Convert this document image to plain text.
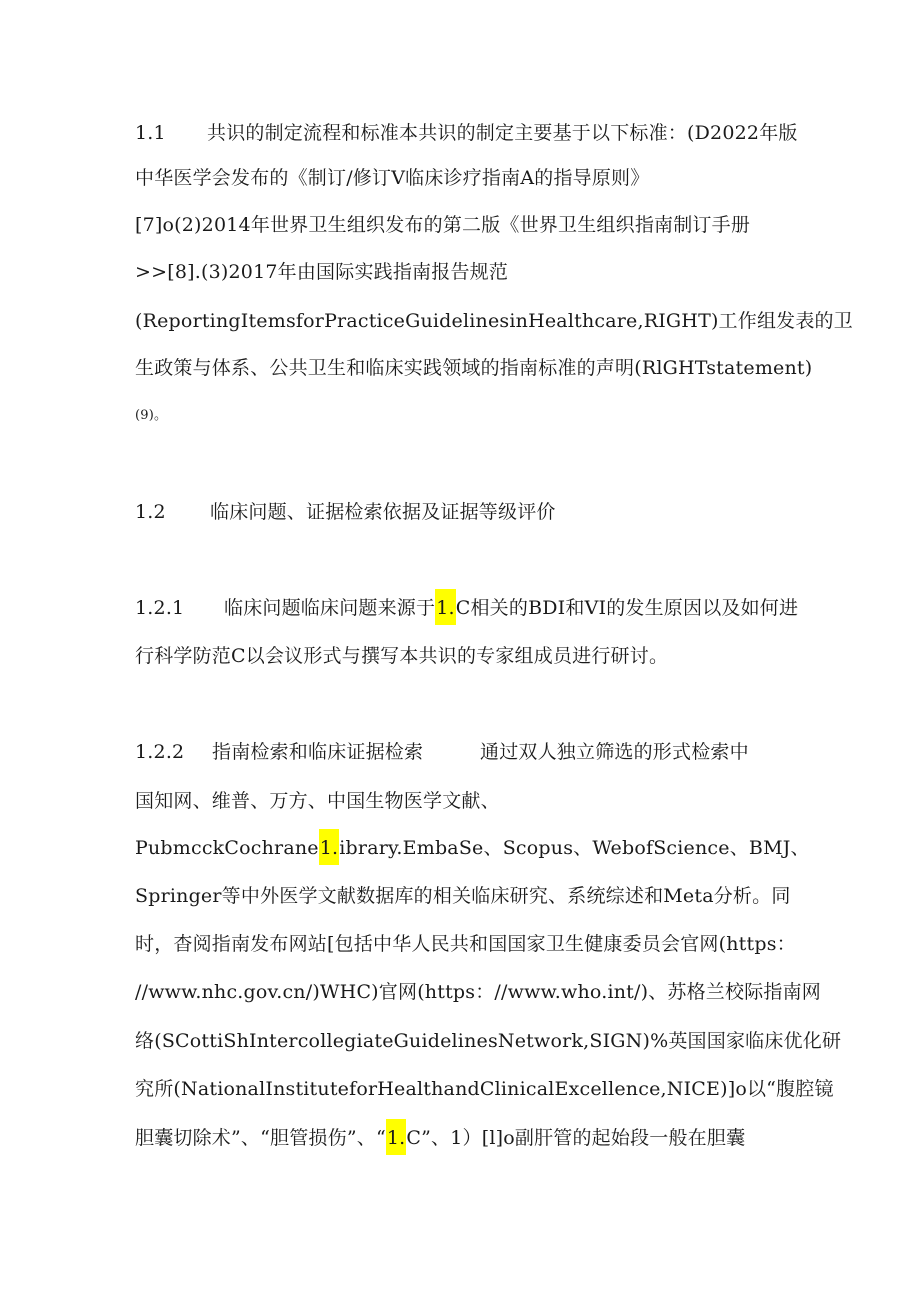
1.1 共识的制定流程和标准本共识的制定主要基于以下标准：(D2022年版
中华医学会发布的《制订/修订V临床诊疗指南A的指导原则》
[7]o(2)2014年世界卫生组织发布的第二版《世界卫生组织指南制订手册
>>[8].(3)2017年由国际实践指南报告规范
(ReportingItemsforPracticeGuidelinesinHealthcare,RIGHT)工作组发表的卫
生政策与体系、公共卫生和临床实践领域的指南标准的声明(RlGHTstatement)
(9)。
1.2 临床问题、证据检索依据及证据等级评价
1.2.1 临床问题临床问题来源于1.C相关的BDI和VI的发生原因以及如何进
行科学防范C以会议形式与撰写本共识的专家组成员进行研讨。
1.2.2 指南检索和临床证据检索	通过双人独立筛选的形式检索中
国知网、维普、万方、中国生物医学文献、
PubmcckCochrane1.ibrary.EmbaSe、Scopus、WebofScience、BMJ、
Springer等中外医学文献数据库的相关临床研究、系统综述和Meta分析。同
时，杳阅指南发布网站[包括中华人民共和国国家卫生健康委员会官网(https：
//www.nhc.gov.cn/)WHC)官网(https：//www.who.int/)、苏格兰校际指南网
络(SCottiShIntercollegiateGuidelinesNetwork,SIGN)%英国国家临床优化研
究所(NationalInstituteforHealthandClinicalExcellence,NICE)]o以“腹腔镜
胆囊切除术”、“胆管损伤”、“1.C”、1）[l]o副肝管的起始段一般在胆囊
